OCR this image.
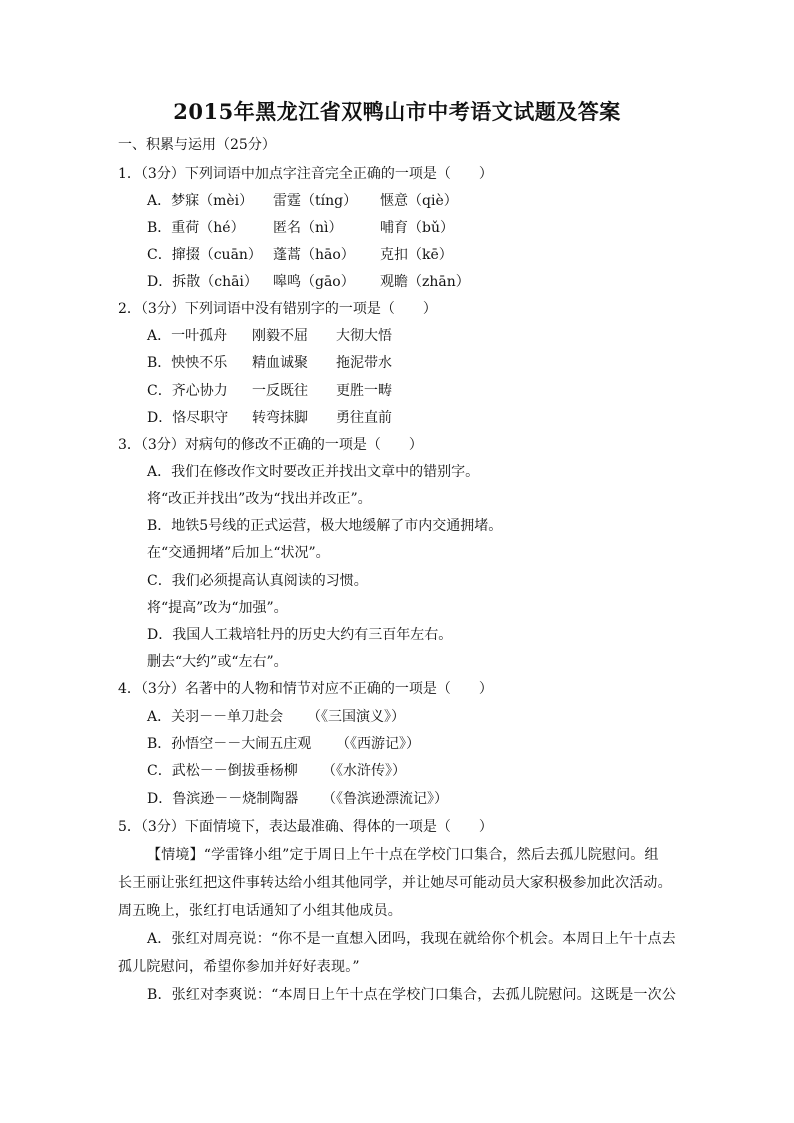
2015年黑龙江省双鸭山市中考语文试题及答案
一、积累与运用（25分）
1．（3分）下列词语中加点字注音完全正确的一项是（　　）
A．梦寐（mèi） 雷霆（tíng） 惬意（qiè）
B．重荷（hé） 匿名（nì）	哺育（bǔ）
C．撺掇（cuān） 蓬蒿（hāo） 克扣（kē）
D．拆散（chāi） 嗥鸣（gāo） 观瞻（zhān）
2．（3分）下列词语中没有错别字的一项是（　　）
A．一叶孤舟 刚毅不屈 大彻大悟
B．怏怏不乐 精血诚聚 拖泥带水
C．齐心协力 一反既往 更胜一畴
D．恪尽职守 转弯抹脚 勇往直前
3．（3分）对病句的修改不正确的一项是（　　）
A．我们在修改作文时要改正并找出文章中的错别字。
将“改正并找出”改为“找出并改正”。
B．地铁5号线的正式运营，极大地缓解了市内交通拥堵。
在“交通拥堵”后加上“状况”。
C．我们必须提高认真阅读的习惯。
将“提高”改为“加强”。
D．我国人工栽培牡丹的历史大约有三百年左右。
删去“大约”或“左右”。
4．（3分）名著中的人物和情节对应不正确的一项是（　　）
A．关羽－－单刀赴会 （《三国演义》）
B．孙悟空－－大闹五庄观 （《西游记》）
C．武松－－倒拔垂杨柳 （《水浒传》）
D．鲁滨逊－－烧制陶器 （《鲁滨逊漂流记》）
5．（3分）下面情境下，表达最准确、得体的一项是（　　）
【情境】“学雷锋小组”定于周日上午十点在学校门口集合，然后去孤儿院慰问。组
长王丽让张红把这件事转达给小组其他同学，并让她尽可能动员大家积极参加此次活动。
周五晚上，张红打电话通知了小组其他成员。
A．张红对周亮说：“你不是一直想入团吗，我现在就给你个机会。本周日上午十点去
孤儿院慰问，希望你参加并好好表现。”
B．张红对李爽说：“本周日上午十点在学校门口集合，去孤儿院慰问。这既是一次公
